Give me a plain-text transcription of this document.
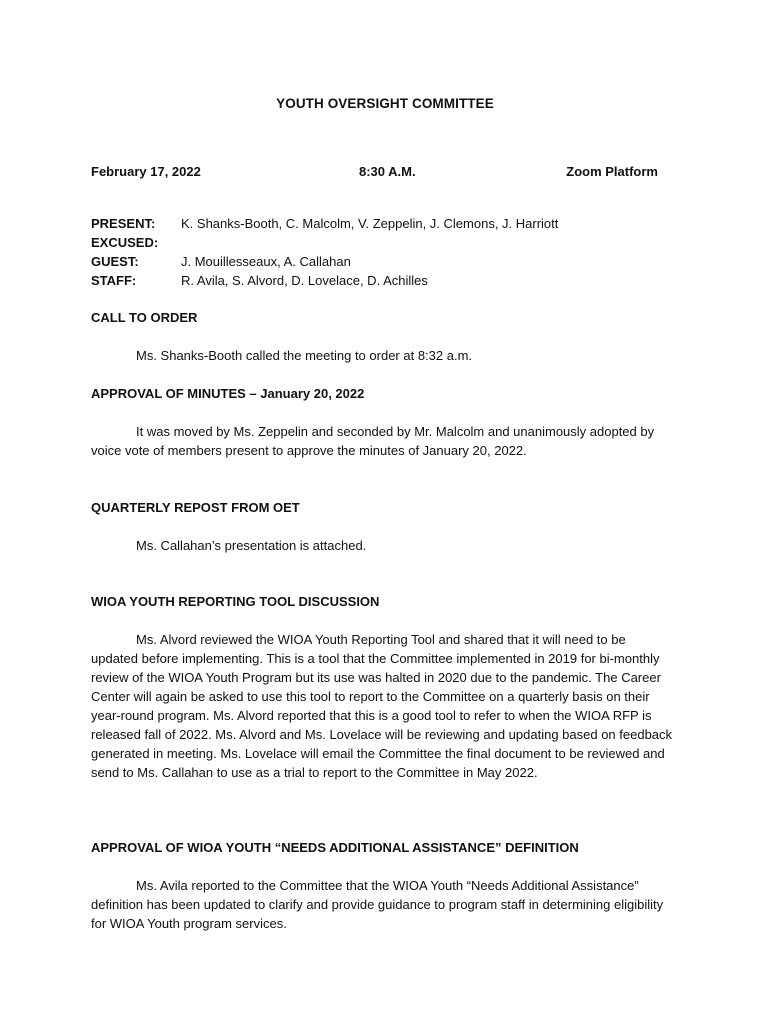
YOUTH OVERSIGHT COMMITTEE
February 17, 2022	8:30 A.M.	Zoom Platform
PRESENT: K. Shanks-Booth, C. Malcolm, V. Zeppelin, J. Clemons, J. Harriott
EXCUSED:
GUEST:	J. Mouillesseaux, A. Callahan
STAFF:	R. Avila, S. Alvord, D. Lovelace, D. Achilles
CALL TO ORDER

Ms. Shanks-Booth called the meeting to order at 8:32 a.m.

APPROVAL OF MINUTES – January 20, 2022

It was moved by Ms. Zeppelin and seconded by Mr. Malcolm and unanimously adopted by voice vote of members present to approve the minutes of January 20, 2022.

QUARTERLY REPOST FROM OET

Ms. Callahan’s presentation is attached.

WIOA YOUTH REPORTING TOOL DISCUSSION

Ms. Alvord reviewed the WIOA Youth Reporting Tool and shared that it will need to be updated before implementing. This is a tool that the Committee implemented in 2019 for bi-monthly review of the WIOA Youth Program but its use was halted in 2020 due to the pandemic. The Career Center will again be asked to use this tool to report to the Committee on a quarterly basis on their year-round program. Ms. Alvord reported that this is a good tool to refer to when the WIOA RFP is released fall of 2022. Ms. Alvord and Ms. Lovelace will be reviewing and updating based on feedback generated in meeting. Ms. Lovelace will email the Committee the final document to be reviewed and send to Ms. Callahan to use as a trial to report to the Committee in May 2022.

APPROVAL OF WIOA YOUTH “NEEDS ADDITIONAL ASSISTANCE” DEFINITION

Ms. Avila reported to the Committee that the WIOA Youth “Needs Additional Assistance” definition has been updated to clarify and provide guidance to program staff in determining eligibility for WIOA Youth program services.
